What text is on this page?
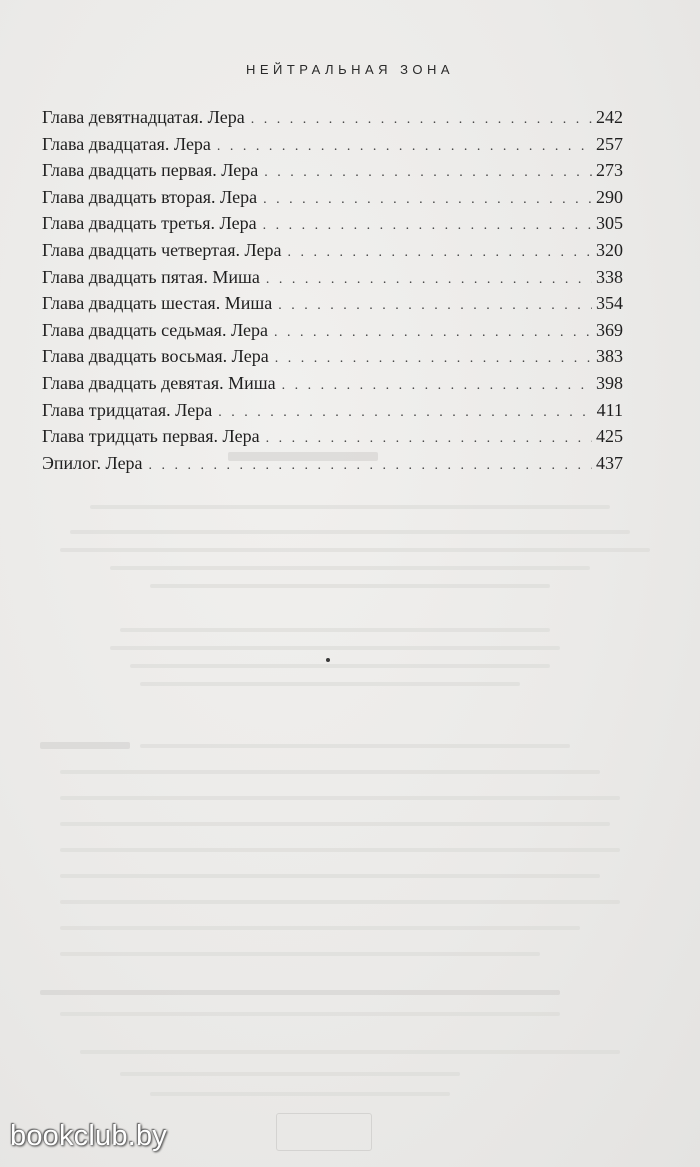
НЕЙТРАЛЬНАЯ ЗОНА
Глава девятнадцатая. Лера . . .	242
Глава двадцатая. Лера . . .	257
Глава двадцать первая. Лера . . .	273
Глава двадцать вторая. Лера . . .	290
Глава двадцать третья. Лера . . .	305
Глава двадцать четвертая. Лера . . .	320
Глава двадцать пятая. Миша . . .	338
Глава двадцать шестая. Миша . . .	354
Глава двадцать седьмая. Лера . . .	369
Глава двадцать восьмая. Лера . . .	383
Глава двадцать девятая. Миша . . .	398
Глава тридцатая. Лера . . .	411
Глава тридцать первая. Лера . . .	425
Эпилог. Лера . . .	437
bookclub.by
